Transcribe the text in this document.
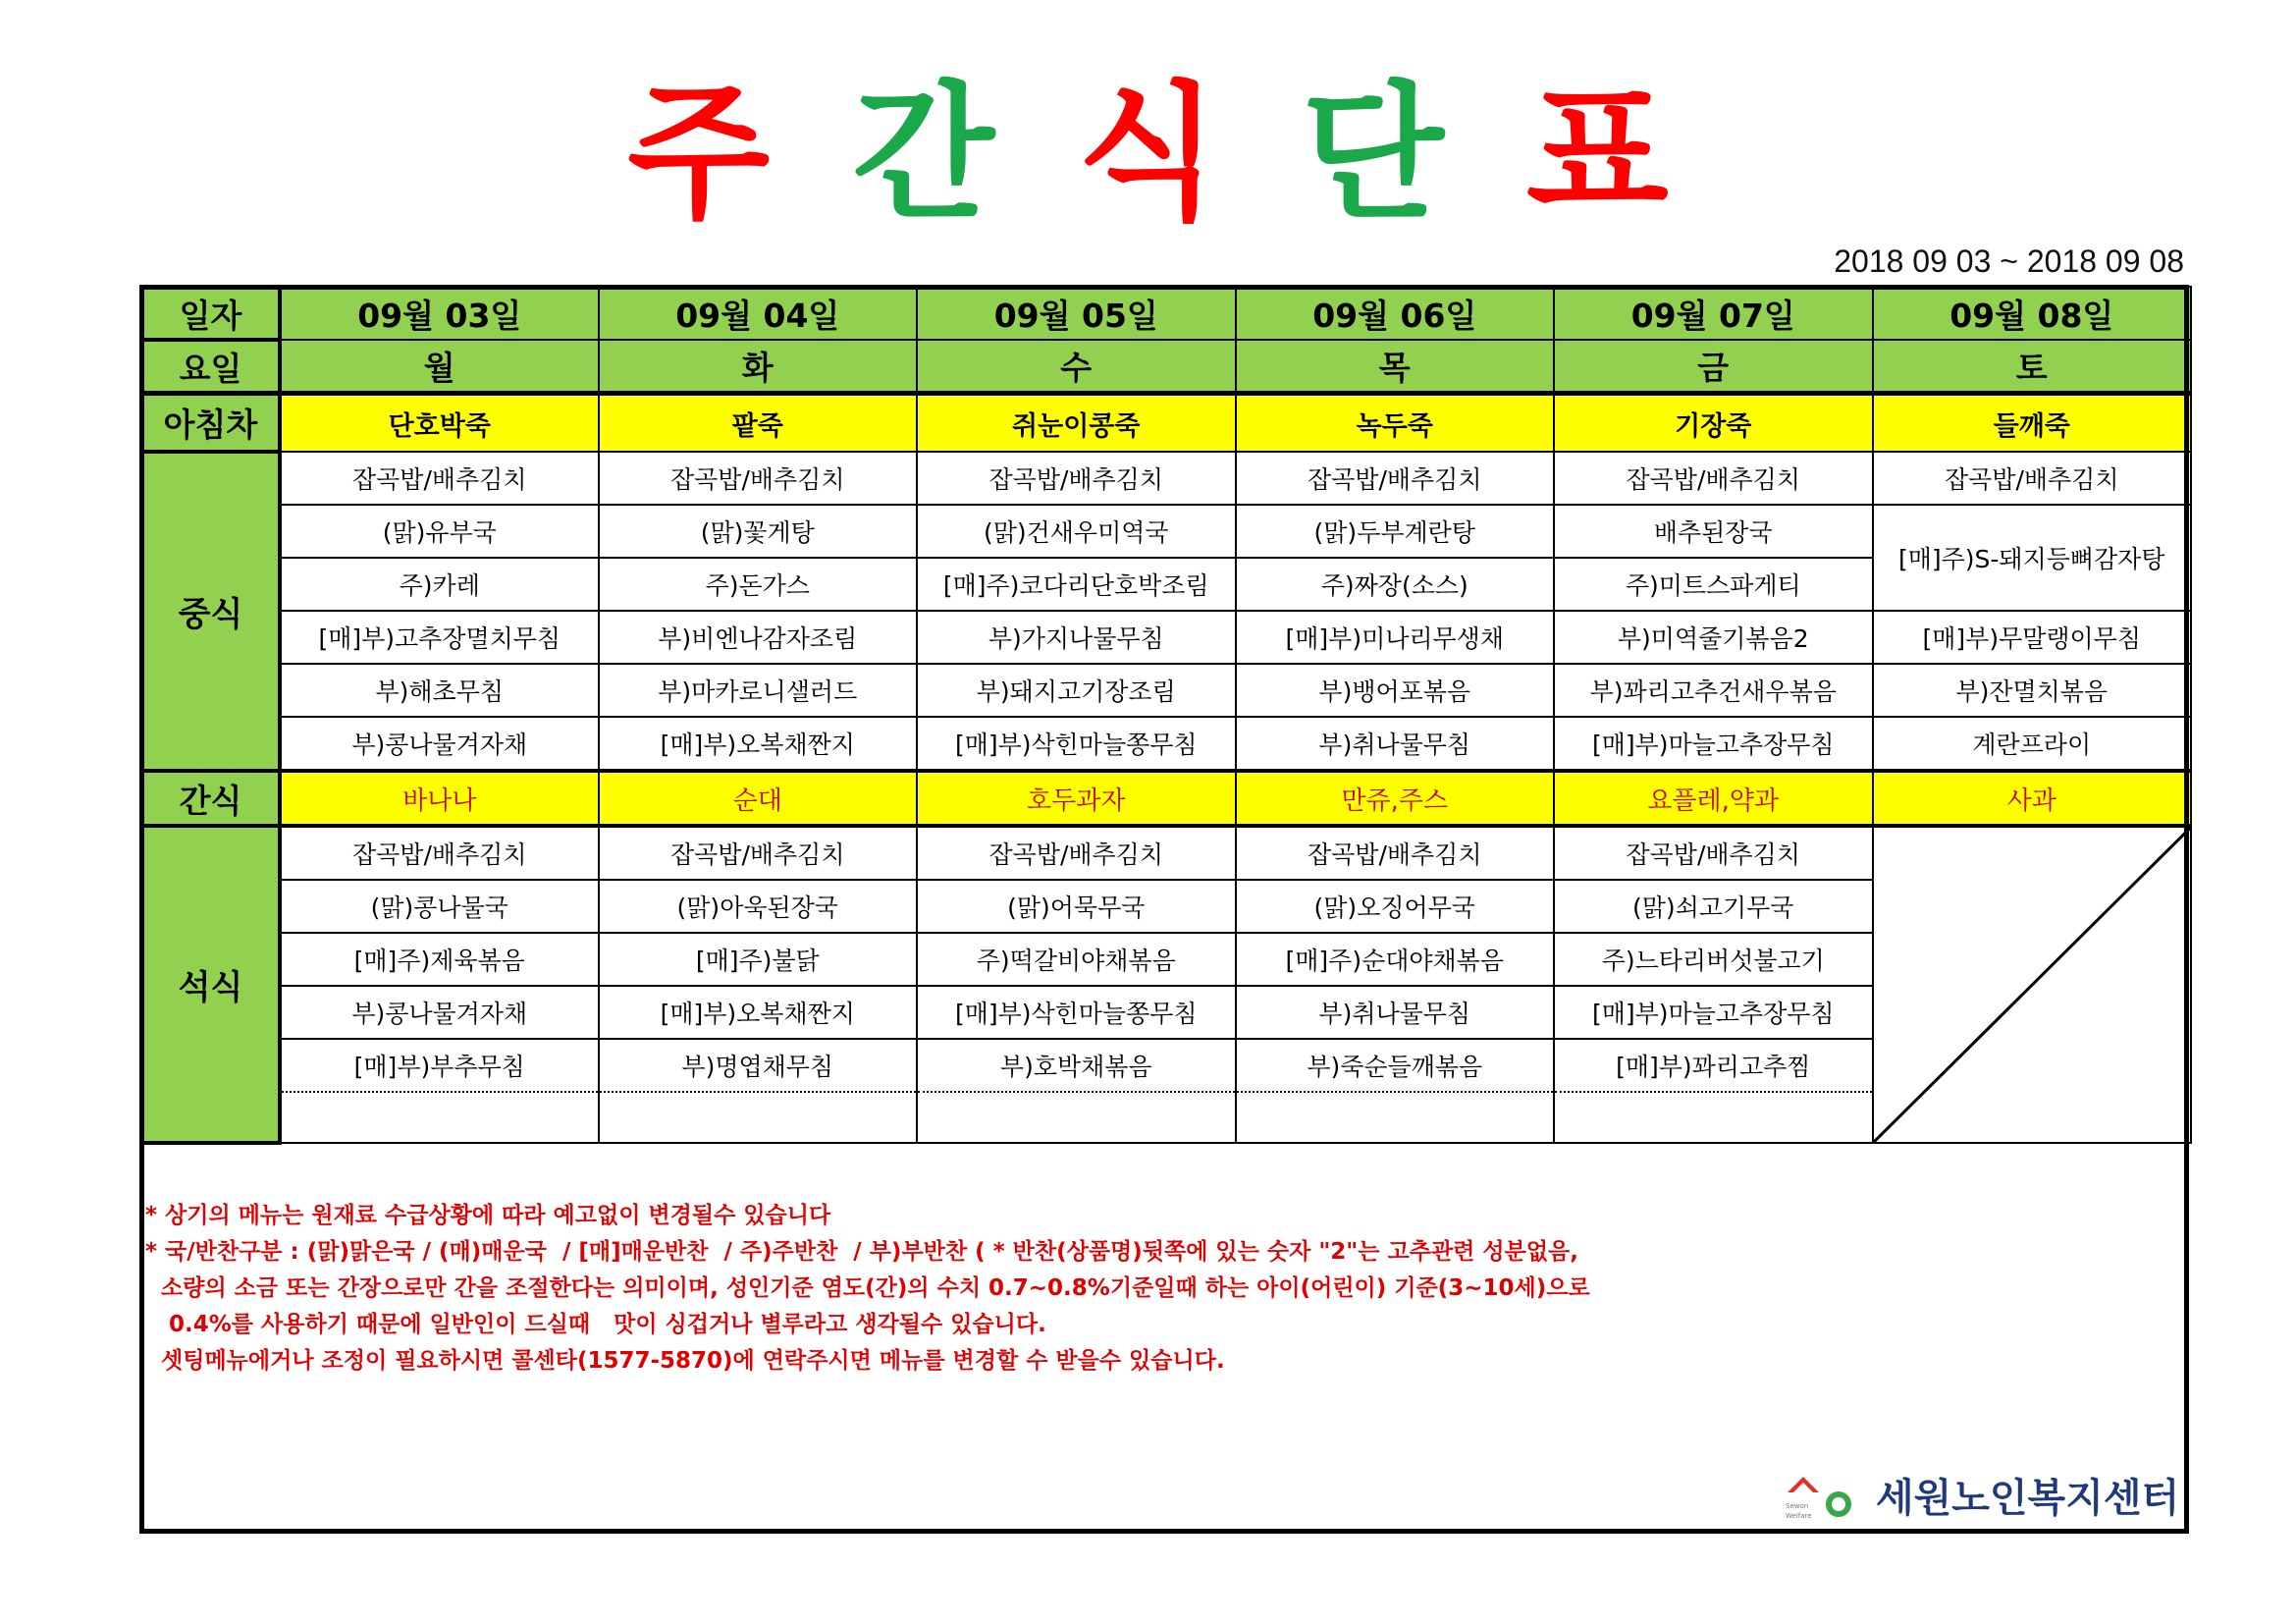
주 간 식 단 표
2018 09 03 ~ 2018 09 08
일자	09월 03일	09월 04일	09월 05일	09월 06일	09월 07일	09월 08일
요일	월	화	수	목	금	토
아침차	단호박죽	팥죽	쥐눈이콩죽	녹두죽	기장죽	들깨죽
중식	잡곡밥/배추김치	잡곡밥/배추김치	잡곡밥/배추김치	잡곡밥/배추김치	잡곡밥/배추김치	잡곡밥/배추김치
	(맑)유부국	(맑)꽃게탕	(맑)건새우미역국	(맑)두부계란탕	배추된장국	[매]주)S-돼지등뼈감자탕
	주)카레	주)돈가스	[매]주)코다리단호박조림	주)짜장(소스)	주)미트스파게티	
	[매]부)고추장멸치무침	부)비엔나감자조림	부)가지나물무침	[매]부)미나리무생채	부)미역줄기볶음2	[매]부)무말랭이무침
	부)해초무침	부)마카로니샐러드	부)돼지고기장조림	부)뱅어포볶음	부)꽈리고추건새우볶음	부)잔멸치볶음
	부)콩나물겨자채	[매]부)오복채짠지	[매]부)삭힌마늘쫑무침	부)취나물무침	[매]부)마늘고추장무침	계란프라이
간식	바나나	순대	호두과자	만쥬,주스	요플레,약과	사과
석식	잡곡밥/배추김치	잡곡밥/배추김치	잡곡밥/배추김치	잡곡밥/배추김치	잡곡밥/배추김치	

	(맑)콩나물국	(맑)아욱된장국	(맑)어묵무국	(맑)오징어무국	(맑)쇠고기무국	
	[매]주)제육볶음	[매]주)불닭	주)떡갈비야채볶음	[매]주)순대야채볶음	주)느타리버섯불고기	
	부)콩나물겨자채	[매]부)오복채짠지	[매]부)삭힌마늘쫑무침	부)취나물무침	[매]부)마늘고추장무침	
	[매]부)부추무침	부)명엽채무침	부)호박채볶음	부)죽순들깨볶음	[매]부)꽈리고추찜	

* 상기의 메뉴는 원재료 수급상황에 따라 예고없이 변경될수 있습니다
* 국/반찬구분 : (맑)맑은국 / (매)매운국  / [매]매운반찬  / 주)주반찬  / 부)부반찬 ( * 반찬(상품명)뒷쪽에 있는 숫자 "2"는 고추관련 성분없음,
소량의 소금 또는 간장으로만 간을 조절한다는 의미이며, 성인기준 염도(간)의 수치 0.7~0.8%기준일때 하는 아이(어린이) 기준(3~10세)으로
0.4%를 사용하기 때문에 일반인이 드실때   맛이 싱겁거나 별루라고 생각될수 있습니다.
셋팅메뉴에거나 조정이 필요하시면 콜센타(1577-5870)에 연락주시면 메뉴를 변경할 수 받을수 있습니다.
Sewon
Welfare 세원노인복지센터
